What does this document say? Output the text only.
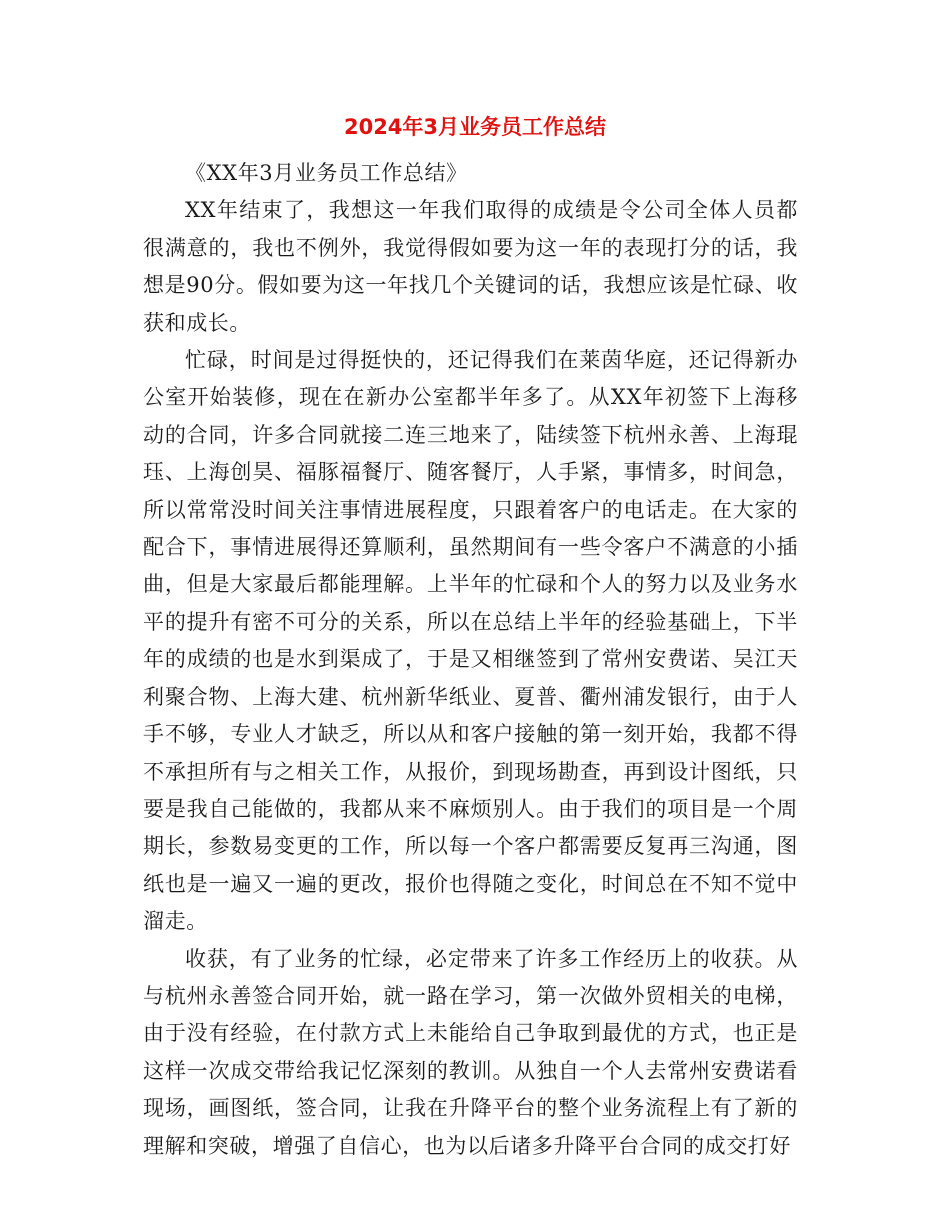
2024年3月业务员工作总结

《XX年3月业务员工作总结》

XX年结束了，我想这一年我们取得的成绩是令公司全体人员都很满意的，我也不例外，我觉得假如要为这一年的表现打分的话，我想是90分。假如要为这一年找几个关键词的话，我想应该是忙碌、收获和成长。

忙碌，时间是过得挺快的，还记得我们在莱茵华庭，还记得新办公室开始装修，现在在新办公室都半年多了。从XX年初签下上海移动的合同，许多合同就接二连三地来了，陆续签下杭州永善、上海琨珏、上海创昊、福豚福餐厅、随客餐厅，人手紧，事情多，时间急，所以常常没时间关注事情进展程度，只跟着客户的电话走。在大家的配合下，事情进展得还算顺利，虽然期间有一些令客户不满意的小插曲，但是大家最后都能理解。上半年的忙碌和个人的努力以及业务水平的提升有密不可分的关系，所以在总结上半年的经验基础上，下半年的成绩的也是水到渠成了，于是又相继签到了常州安费诺、吴江天利聚合物、上海大建、杭州新华纸业、夏普、衢州浦发银行，由于人手不够，专业人才缺乏，所以从和客户接触的第一刻开始，我都不得不承担所有与之相关工作，从报价，到现场勘查，再到设计图纸，只要是我自己能做的，我都从来不麻烦别人。由于我们的项目是一个周期长，参数易变更的工作，所以每一个客户都需要反复再三沟通，图纸也是一遍又一遍的更改，报价也得随之变化，时间总在不知不觉中溜走。

收获，有了业务的忙绿，必定带来了许多工作经历上的收获。从与杭州永善签合同开始，就一路在学习，第一次做外贸相关的电梯，由于没有经验，在付款方式上未能给自己争取到最优的方式，也正是这样一次成交带给我记忆深刻的教训。从独自一个人去常州安费诺看现场，画图纸，签合同，让我在升降平台的整个业务流程上有了新的理解和突破，增强了自信心，也为以后诸多升降平台合同的成交打好
